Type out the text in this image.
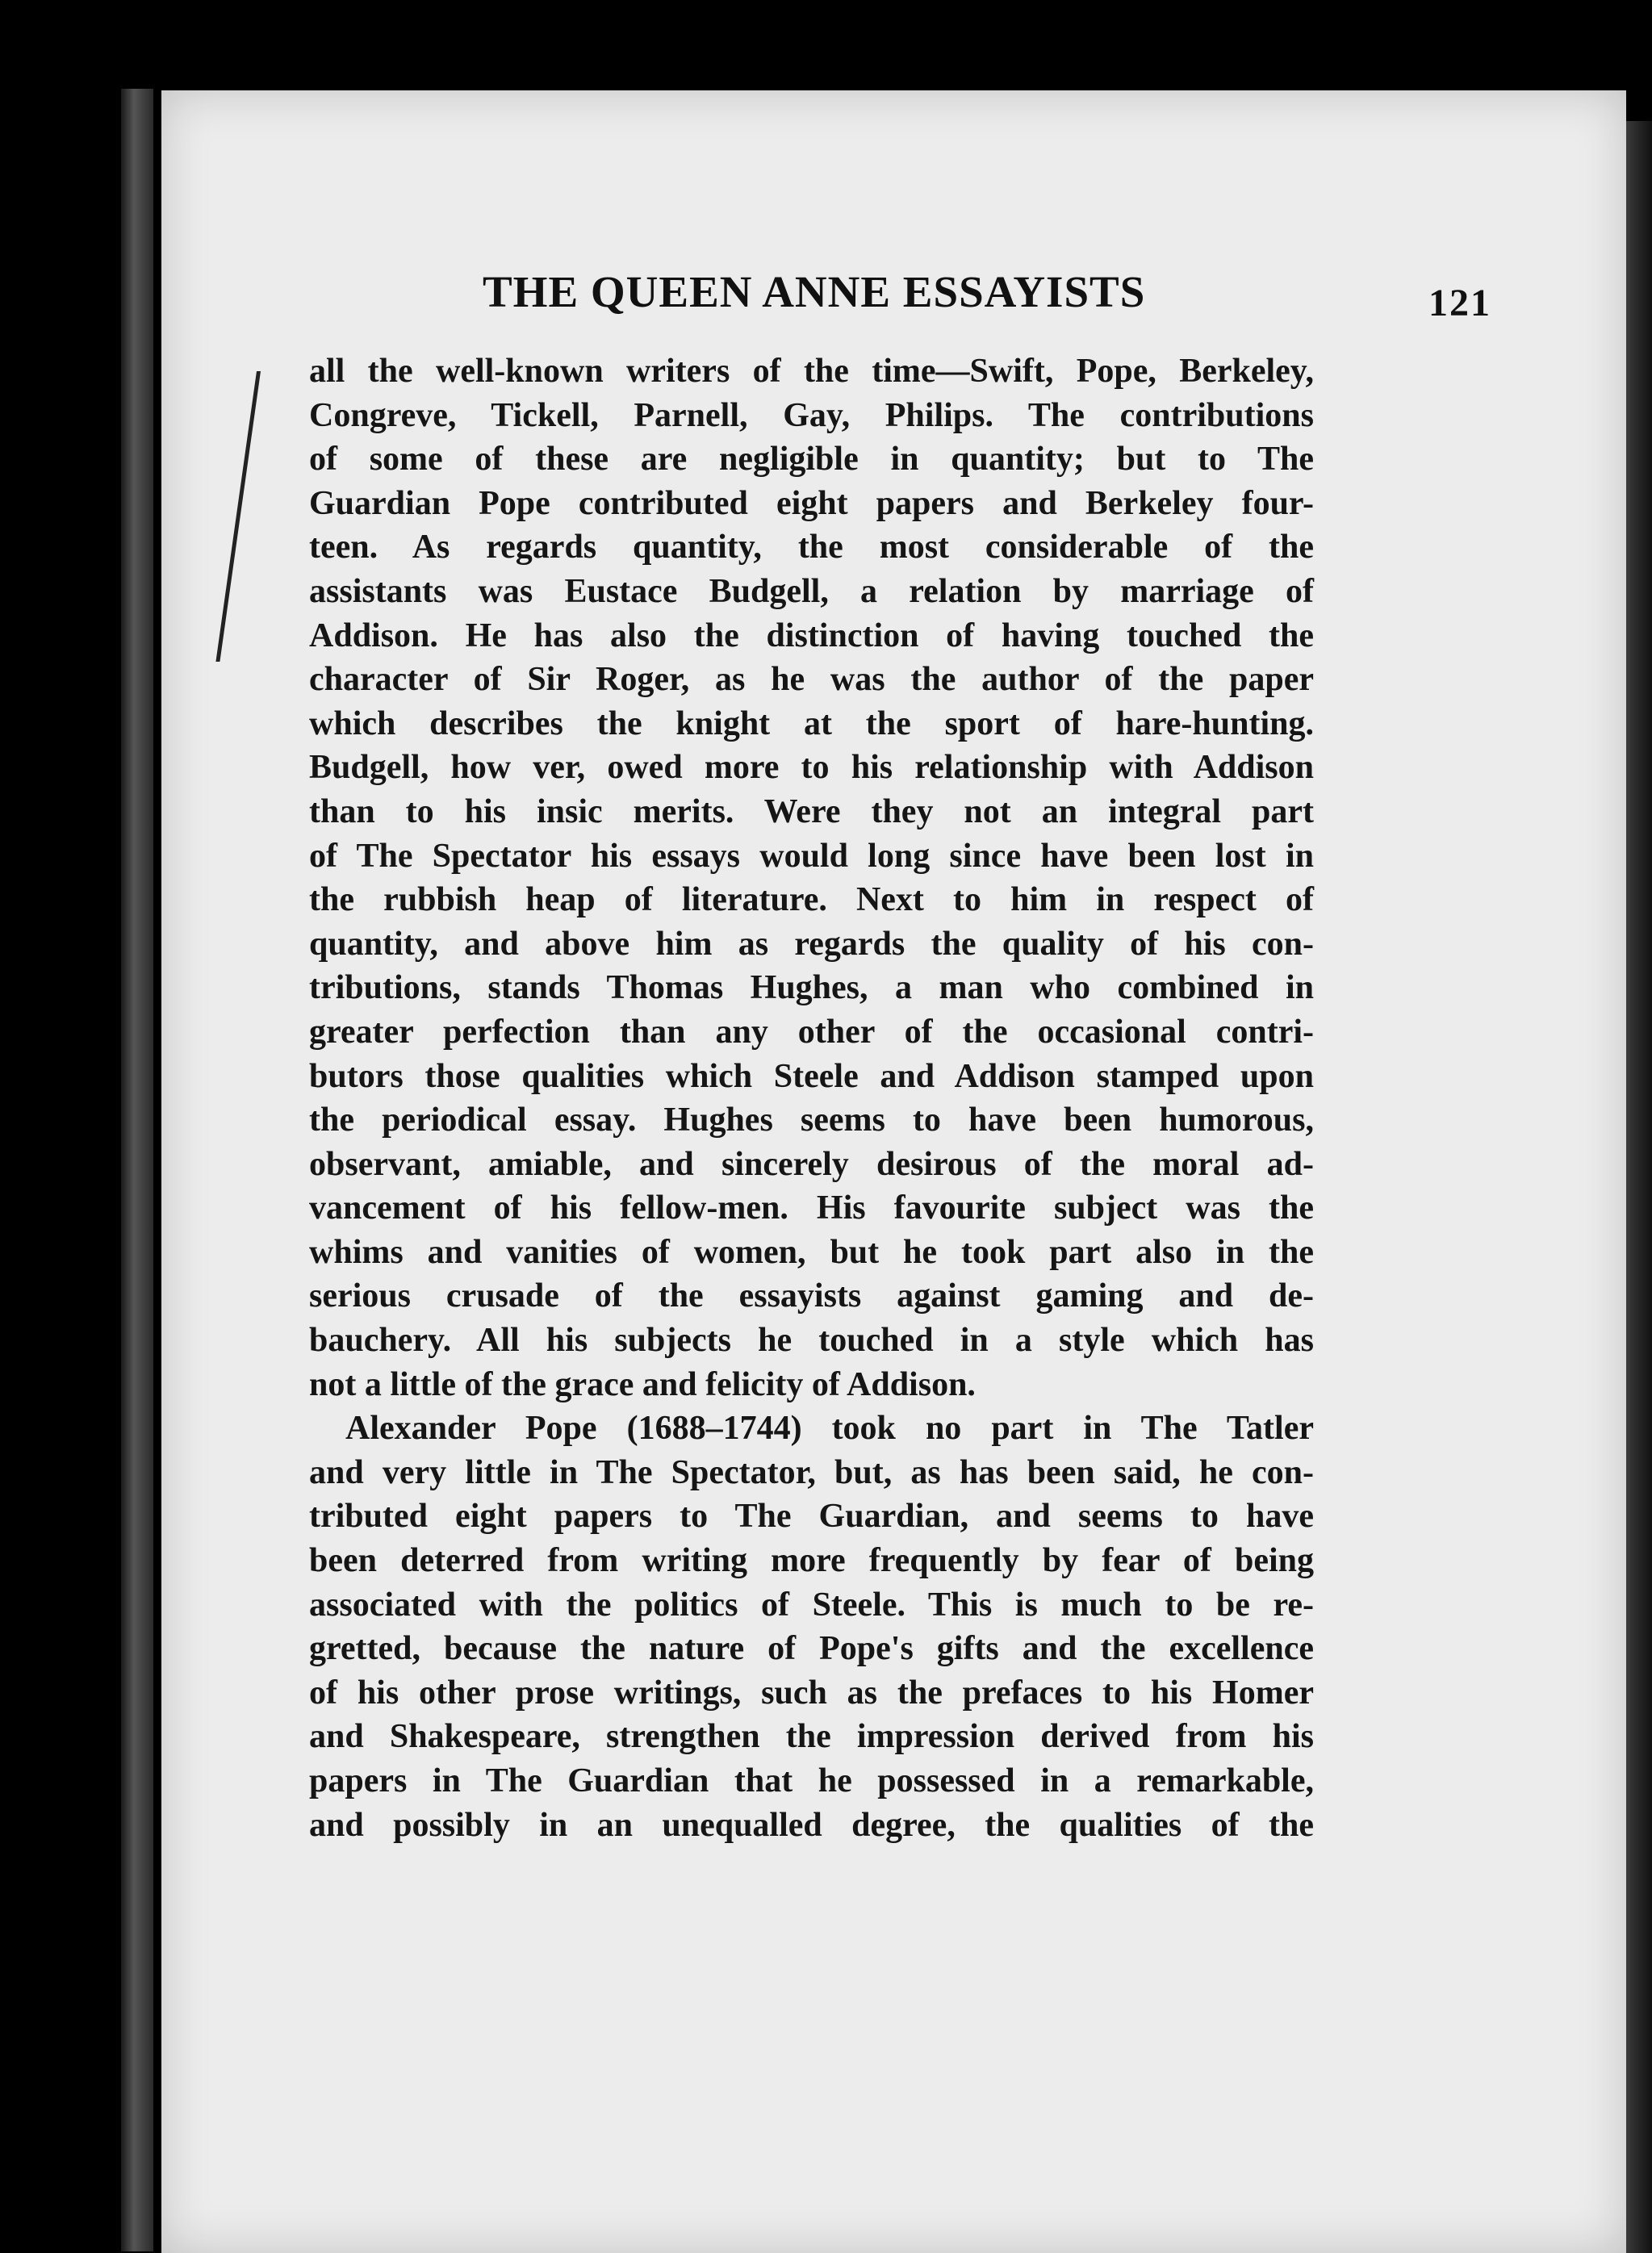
THE QUEEN ANNE ESSAYISTS	121
all the well-known writers of the time—Swift, Pope, Berkeley,
Congreve, Tickell, Parnell, Gay, Philips. The contributions
of some of these are negligible in quantity; but to The
Guardian Pope contributed eight papers and Berkeley four-
teen. As regards quantity, the most considerable of the
assistants was Eustace Budgell, a relation by marriage of
Addison. He has also the distinction of having touched the
character of Sir Roger, as he was the author of the paper
which describes the knight at the sport of hare-hunting.
Budgell, how ver, owed more to his relationship with Addison
than to his insic merits. Were they not an integral part
of The Spectator his essays would long since have been lost in
the rubbish heap of literature. Next to him in respect of
quantity, and above him as regards the quality of his con-
tributions, stands Thomas Hughes, a man who combined in
greater perfection than any other of the occasional contri-
butors those qualities which Steele and Addison stamped upon
the periodical essay. Hughes seems to have been humorous,
observant, amiable, and sincerely desirous of the moral ad-
vancement of his fellow-men. His favourite subject was the
whims and vanities of women, but he took part also in the
serious crusade of the essayists against gaming and de-
bauchery. All his subjects he touched in a style which has
not a little of the grace and felicity of Addison.
Alexander Pope (1688–1744) took no part in The Tatler
and very little in The Spectator, but, as has been said, he con-
tributed eight papers to The Guardian, and seems to have
been deterred from writing more frequently by fear of being
associated with the politics of Steele. This is much to be re-
gretted, because the nature of Pope's gifts and the excellence
of his other prose writings, such as the prefaces to his Homer
and Shakespeare, strengthen the impression derived from his
papers in The Guardian that he possessed in a remarkable,
and possibly in an unequalled degree, the qualities of the
